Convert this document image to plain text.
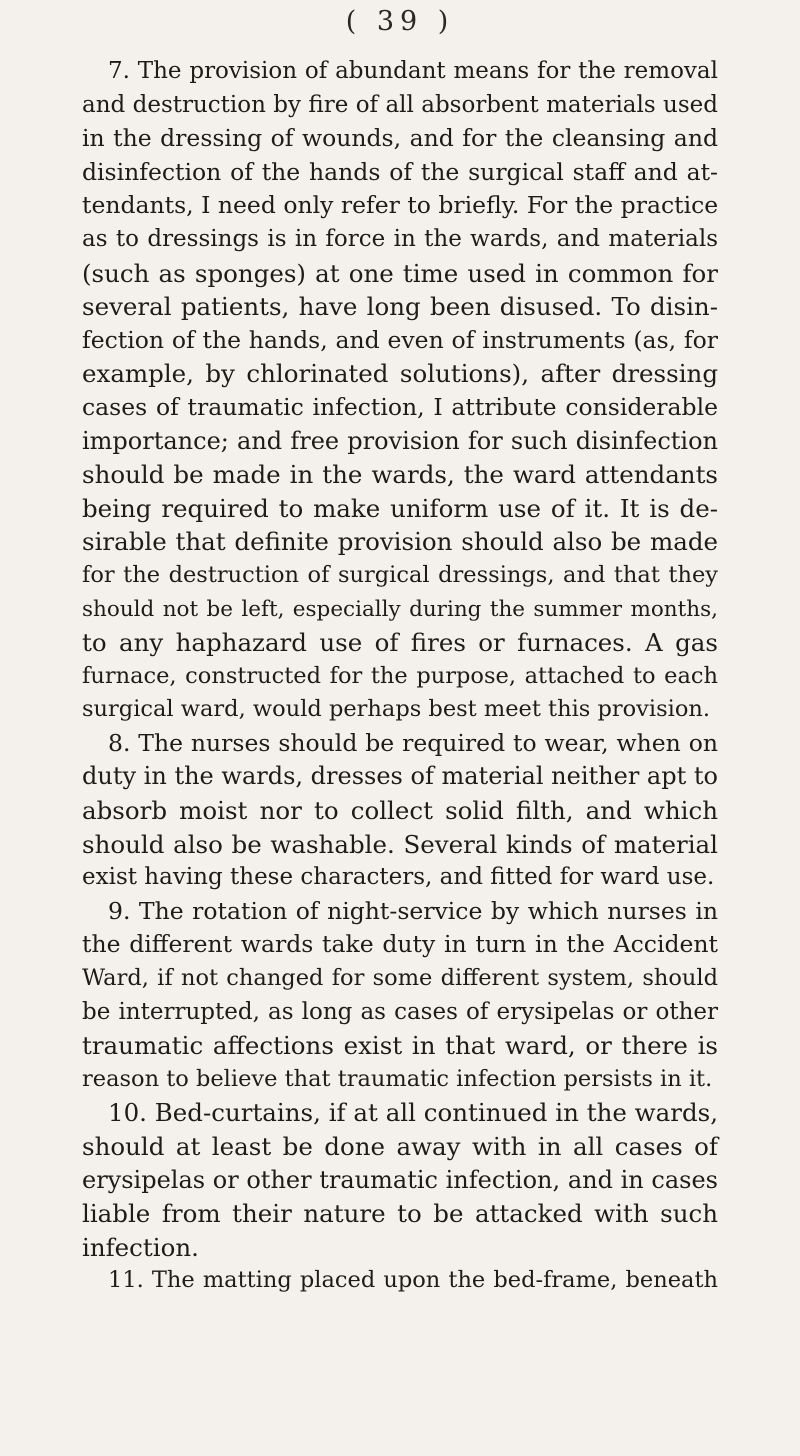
( 39 )
7. The provision of abundant means for the removal
and destruction by fire of all absorbent materials used
in the dressing of wounds, and for the cleansing and
disinfection of the hands of the surgical staff and at-
tendants, I need only refer to briefly. For the practice
as to dressings is in force in the wards, and materials
(such as sponges) at one time used in common for
several patients, have long been disused. To disin-
fection of the hands, and even of instruments (as, for
example, by chlorinated solutions), after dressing
cases of traumatic infection, I attribute considerable
importance; and free provision for such disinfection
should be made in the wards, the ward attendants
being required to make uniform use of it. It is de-
sirable that definite provision should also be made
for the destruction of surgical dressings, and that they
should not be left, especially during the summer months,
to any haphazard use of fires or furnaces. A gas
furnace, constructed for the purpose, attached to each
surgical ward, would perhaps best meet this provision.
8. The nurses should be required to wear, when on
duty in the wards, dresses of material neither apt to
absorb moist nor to collect solid filth, and which
should also be washable. Several kinds of material
exist having these characters, and fitted for ward use.
9. The rotation of night-service by which nurses in
the different wards take duty in turn in the Accident
Ward, if not changed for some different system, should
be interrupted, as long as cases of erysipelas or other
traumatic affections exist in that ward, or there is
reason to believe that traumatic infection persists in it.
10. Bed-curtains, if at all continued in the wards,
should at least be done away with in all cases of
erysipelas or other traumatic infection, and in cases
liable from their nature to be attacked with such
infection.
11. The matting placed upon the bed-frame, beneath
